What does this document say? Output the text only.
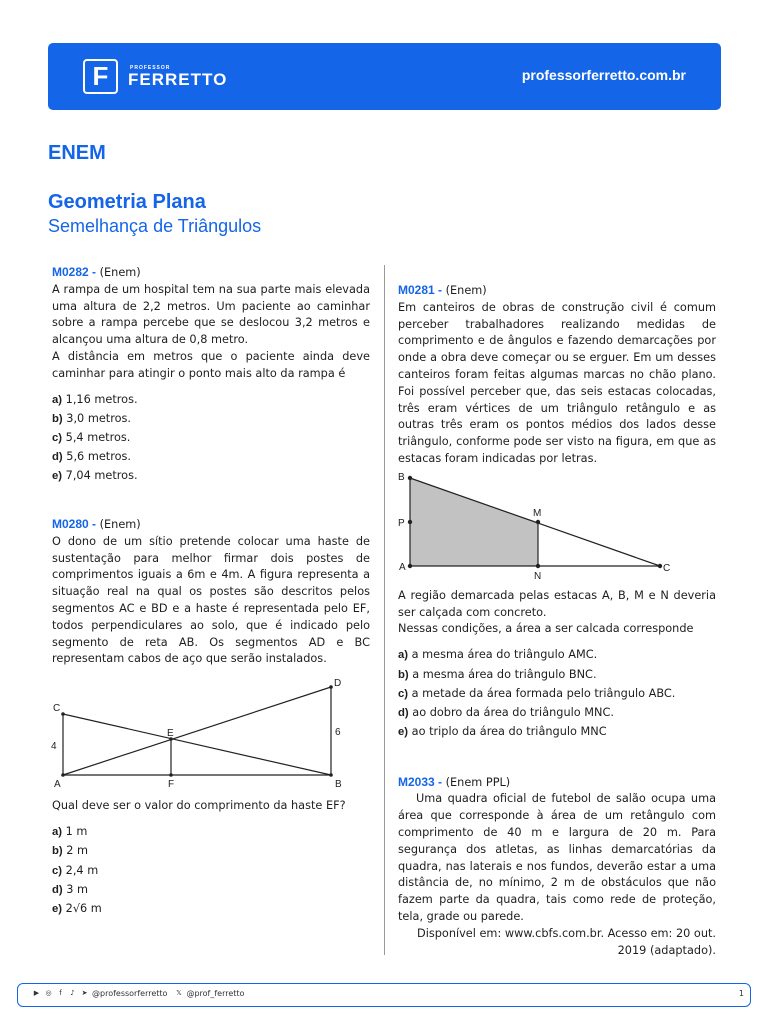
F	PROFESSOR
FERRETTO	professorferretto.com.br
ENEM
Geometria Plana
Semelhança de Triângulos
M0282 - (Enem)
A rampa de um hospital tem na sua parte mais elevada uma altura de 2,2 metros. Um paciente ao caminhar sobre a rampa percebe que se deslocou 3,2 metros e alcançou uma altura de 0,8 metro.
A distância em metros que o paciente ainda deve caminhar para atingir o ponto mais alto da rampa é
a) 1,16 metros.
b) 3,0 metros.
c) 5,4 metros.
d) 5,6 metros.
e) 7,04 metros.
M0280 - (Enem)
O dono de um sítio pretende colocar uma haste de sustentação para melhor firmar dois postes de comprimentos iguais a 6m e 4m. A figura representa a situação real na qual os postes são descritos pelos segmentos AC e BD e a haste é representada pelo EF, todos perpendiculares ao solo, que é indicado pelo segmento de reta AB. Os segmentos AD e BC representam cabos de aço que serão instalados.
C
D
E
A	F	B
4
6
Qual deve ser o valor do comprimento da haste EF?
a) 1 m
b) 2 m
c) 2,4 m
d) 3 m
e) 2√6 m
M0281 - (Enem)
Em canteiros de obras de construção civil é comum perceber trabalhadores realizando medidas de comprimento e de ângulos e fazendo demarcações por onde a obra deve começar ou se erguer. Em um desses canteiros foram feitas algumas marcas no chão plano. Foi possível perceber que, das seis estacas colocadas, três eram vértices de um triângulo retângulo e as outras três eram os pontos médios dos lados desse triângulo, conforme pode ser visto na figura, em que as estacas foram indicadas por letras.
B
P
A
M
N
C
A região demarcada pelas estacas A, B, M e N deveria ser calçada com concreto.
Nessas condições, a área a ser calcada corresponde
a) a mesma área do triângulo AMC.
b) a mesma área do triângulo BNC.
c) a metade da área formada pelo triângulo ABC.
d) ao dobro da área do triângulo MNC.
e) ao triplo da área do triângulo MNC
M2033 - (Enem PPL)
Uma quadra oficial de futebol de salão ocupa uma área que corresponde à área de um retângulo com comprimento de 40 m e largura de 20 m. Para segurança dos atletas, as linhas demarcatórias da quadra, nas laterais e nos fundos, deverão estar a uma distância de, no mínimo, 2 m de obstáculos que não fazem parte da quadra, tais como rede de proteção, tela, grade ou parede.
Disponível em: www.cbfs.com.br. Acesso em: 20 out. 2019 (adaptado).
▶ ◎	f	♪ ➤ @professorferretto 𝕏 @prof_ferretto	1
